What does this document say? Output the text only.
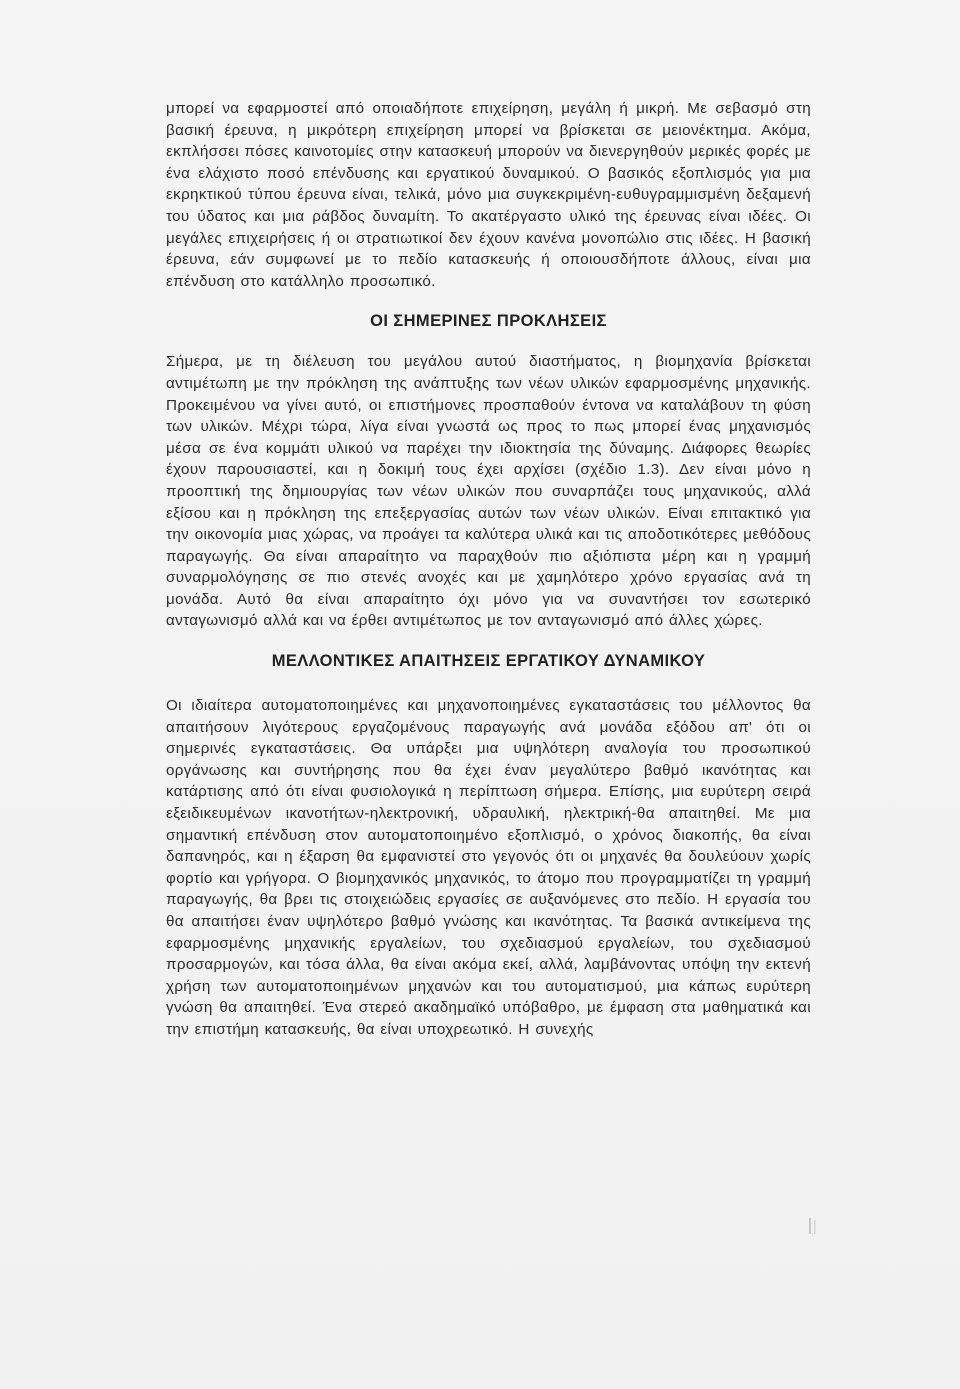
μπορεί να εφαρμοστεί από οποιαδήποτε επιχείρηση, μεγάλη ή μικρή. Με σεβασμό στη βασική έρευνα, η μικρότερη επιχείρηση μπορεί να βρίσκεται σε μειονέκτημα. Ακόμα, εκπλήσσει πόσες καινοτομίες στην κατασκευή μπορούν να διενεργηθούν μερικές φορές με ένα ελάχιστο ποσό επένδυσης και εργατικού δυναμικού. Ο βασικός εξοπλισμός για μια εκρηκτικού τύπου έρευνα είναι, τελικά, μόνο μια συγκεκριμένη-ευθυγραμμισμένη δεξαμενή του ύδατος και μια ράβδος δυναμίτη. Το ακατέργαστο υλικό της έρευνας είναι ιδέες. Οι μεγάλες επιχειρήσεις ή οι στρατιωτικοί δεν έχουν κανένα μονοπώλιο στις ιδέες. Η βασική έρευνα, εάν συμφωνεί με το πεδίο κατασκευής ή οποιουσδήποτε άλλους, είναι μια επένδυση στο κατάλληλο προσωπικό.

ΟΙ ΣΗΜΕΡΙΝΕΣ ΠΡΟΚΛΗΣΕΙΣ

Σήμερα, με τη διέλευση του μεγάλου αυτού διαστήματος, η βιομηχανία βρίσκεται αντιμέτωπη με την πρόκληση της ανάπτυξης των νέων υλικών εφαρμοσμένης μηχανικής. Προκειμένου να γίνει αυτό, οι επιστήμονες προσπαθούν έντονα να καταλάβουν τη φύση των υλικών. Μέχρι τώρα, λίγα είναι γνωστά ως προς το πως μπορεί ένας μηχανισμός μέσα σε ένα κομμάτι υλικού να παρέχει την ιδιοκτησία της δύναμης. Διάφορες θεωρίες έχουν παρουσιαστεί, και η δοκιμή τους έχει αρχίσει (σχέδιο 1.3). Δεν είναι μόνο η προοπτική της δημιουργίας των νέων υλικών που συναρπάζει τους μηχανικούς, αλλά εξίσου και η πρόκληση της επεξεργασίας αυτών των νέων υλικών. Είναι επιτακτικό για την οικονομία μιας χώρας, να προάγει τα καλύτερα υλικά και τις αποδοτικότερες μεθόδους παραγωγής. Θα είναι απαραίτητο να παραχθούν πιο αξιόπιστα μέρη και η γραμμή συναρμολόγησης σε πιο στενές ανοχές και με χαμηλότερο χρόνο εργασίας ανά τη μονάδα. Αυτό θα είναι απαραίτητο όχι μόνο για να συναντήσει τον εσωτερικό ανταγωνισμό αλλά και να έρθει αντιμέτωπος με τον ανταγωνισμό από άλλες χώρες.

ΜΕΛΛΟΝΤΙΚΕΣ ΑΠΑΙΤΗΣΕΙΣ ΕΡΓΑΤΙΚΟΥ ΔΥΝΑΜΙΚΟΥ

Οι ιδιαίτερα αυτοματοποιημένες και μηχανοποιημένες εγκαταστάσεις του μέλλοντος θα απαιτήσουν λιγότερους εργαζομένους παραγωγής ανά μονάδα εξόδου απ' ότι οι σημερινές εγκαταστάσεις. Θα υπάρξει μια υψηλότερη αναλογία του προσωπικού οργάνωσης και συντήρησης που θα έχει έναν μεγαλύτερο βαθμό ικανότητας και κατάρτισης από ότι είναι φυσιολογικά η περίπτωση σήμερα. Επίσης, μια ευρύτερη σειρά εξειδικευμένων ικανοτήτων-ηλεκτρονική, υδραυλική, ηλεκτρική-θα απαιτηθεί. Με μια σημαντική επένδυση στον αυτοματοποιημένο εξοπλισμό, ο χρόνος διακοπής, θα είναι δαπανηρός, και η έξαρση θα εμφανιστεί στο γεγονός ότι οι μηχανές θα δουλεύουν χωρίς φορτίο και γρήγορα. Ο βιομηχανικός μηχανικός, το άτομο που προγραμματίζει τη γραμμή παραγωγής, θα βρει τις στοιχειώδεις εργασίες σε αυξανόμενες στο πεδίο. Η εργασία του θα απαιτήσει έναν υψηλότερο βαθμό γνώσης και ικανότητας. Τα βασικά αντικείμενα της εφαρμοσμένης μηχανικής εργαλείων, του σχεδιασμού εργαλείων, του σχεδιασμού προσαρμογών, και τόσα άλλα, θα είναι ακόμα εκεί, αλλά, λαμβάνοντας υπόψη την εκτενή χρήση των αυτοματοποιημένων μηχανών και του αυτοματισμού, μια κάπως ευρύτερη γνώση θα απαιτηθεί. Ένα στερεό ακαδημαϊκό υπόβαθρο, με έμφαση στα μαθηματικά και την επιστήμη κατασκευής, θα είναι υποχρεωτικό. Η συνεχής
